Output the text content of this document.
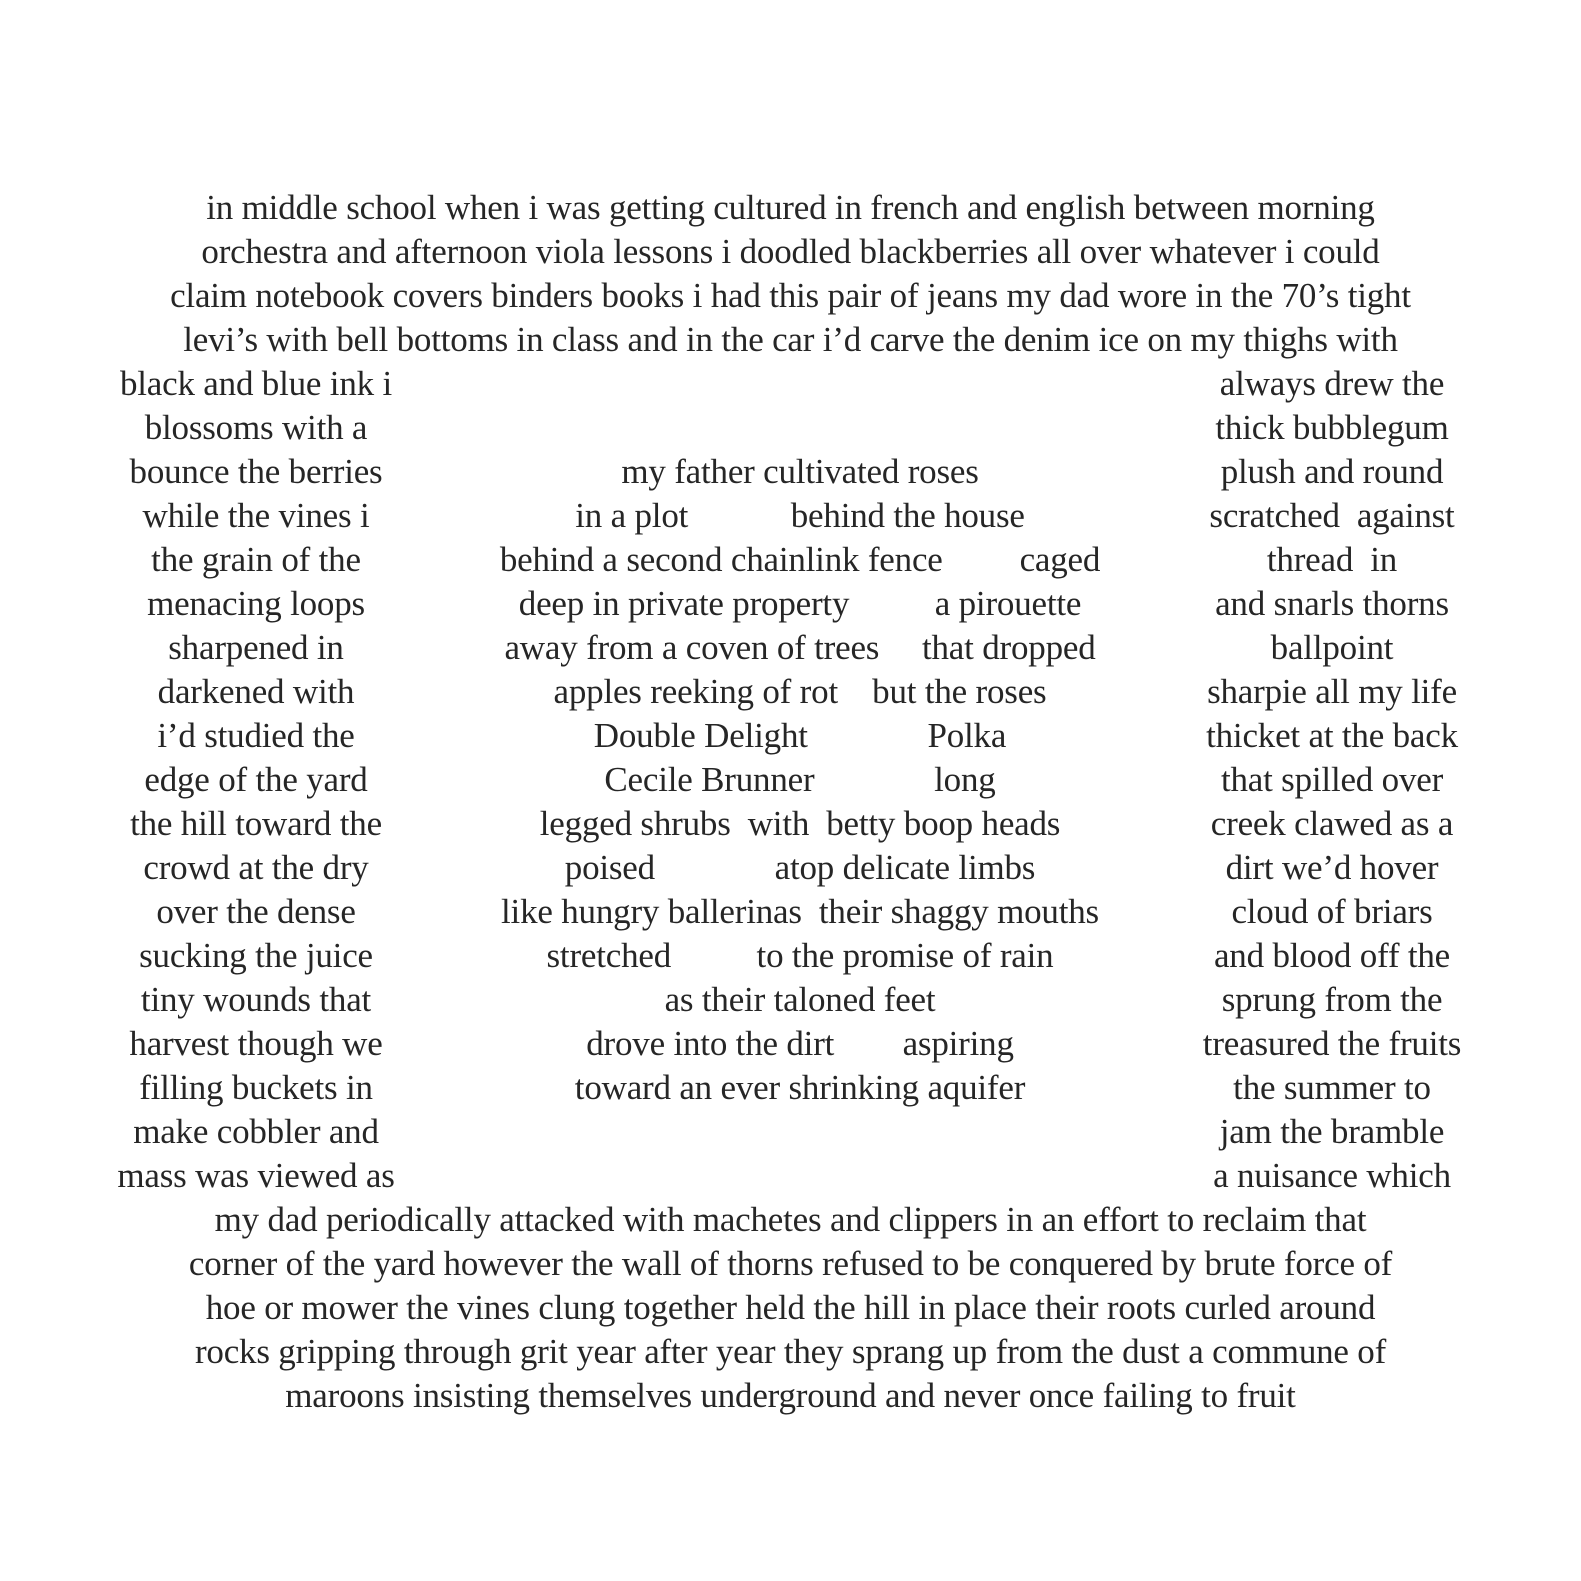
in middle school when i was getting cultured in french and english between morning
orchestra and afternoon viola lessons i doodled blackberries all over whatever i could
claim notebook covers binders books i had this pair of jeans my dad wore in the 70’s tight
levi’s with bell bottoms in class and in the car i’d carve the denim ice on my thighs with
black and blue ink i
blossoms with a
bounce the berries
while the vines i
the grain of the
menacing loops
sharpened in
darkened with
i’d studied the
edge of the yard
the hill toward the
crowd at the dry
over the dense
sucking the juice
tiny wounds that
harvest though we
filling buckets in
make cobbler and
mass was viewed as
always drew the
thick bubblegum
plush and round
scratched  against
thread  in
and snarls thorns
ballpoint
sharpie all my life
thicket at the back
that spilled over
creek clawed as a
dirt we’d hover
cloud of briars
and blood off the
sprung from the
treasured the fruits
the summer to
jam the bramble
a nuisance which
my father cultivated roses
in a plot            behind the house
behind a second chainlink fence         caged
deep in private property          a pirouette
away from a coven of trees     that dropped
apples reeking of rot    but the roses
Double Delight              Polka
Cecile Brunner              long
legged shrubs  with  betty boop heads
poised              atop delicate limbs
like hungry ballerinas  their shaggy mouths
stretched          to the promise of rain
as their taloned feet
drove into the dirt        aspiring
toward an ever shrinking aquifer
my dad periodically attacked with machetes and clippers in an effort to reclaim that
corner of the yard however the wall of thorns refused to be conquered by brute force of
hoe or mower the vines clung together held the hill in place their roots curled around
rocks gripping through grit year after year they sprang up from the dust a commune of
maroons insisting themselves underground and never once failing to fruit
